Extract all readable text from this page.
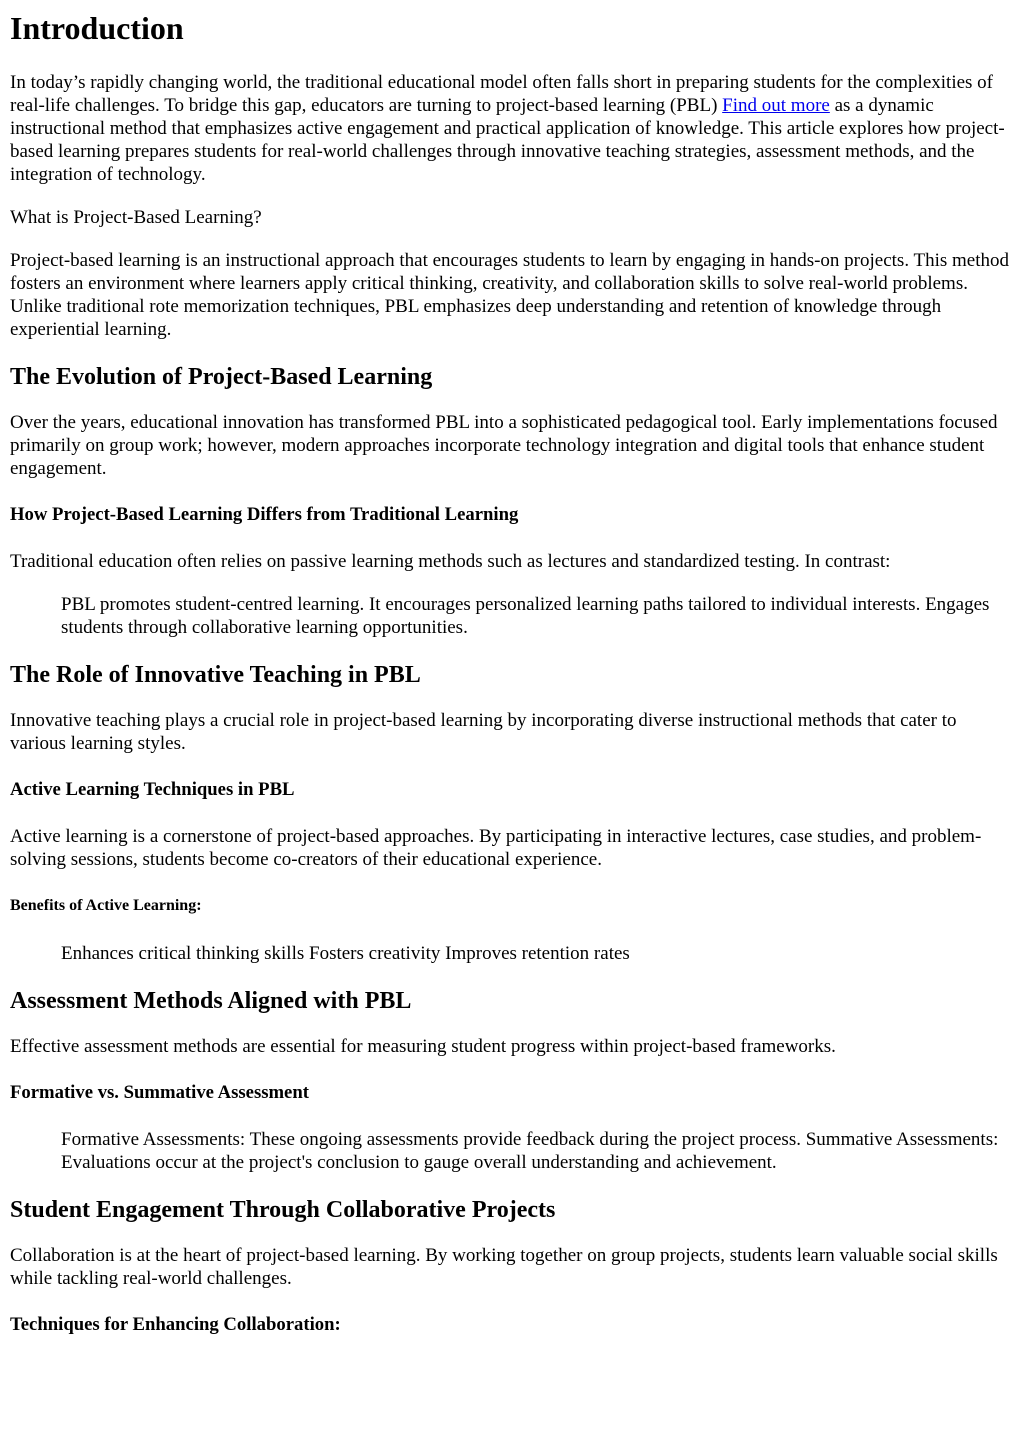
Introduction

In today’s rapidly changing world, the traditional educational model often falls short in preparing students for the complexities of real-life challenges. To bridge this gap, educators are turning to project-based learning (PBL) Find out more as a dynamic instructional method that emphasizes active engagement and practical application of knowledge. This article explores how project-based learning prepares students for real-world challenges through innovative teaching strategies, assessment methods, and the integration of technology.

What is Project-Based Learning?

Project-based learning is an instructional approach that encourages students to learn by engaging in hands-on projects. This method fosters an environment where learners apply critical thinking, creativity, and collaboration skills to solve real-world problems. Unlike traditional rote memorization techniques, PBL emphasizes deep understanding and retention of knowledge through experiential learning.

The Evolution of Project-Based Learning

Over the years, educational innovation has transformed PBL into a sophisticated pedagogical tool. Early implementations focused primarily on group work; however, modern approaches incorporate technology integration and digital tools that enhance student engagement.

How Project-Based Learning Differs from Traditional Learning

Traditional education often relies on passive learning methods such as lectures and standardized testing. In contrast:

PBL promotes student-centred learning. It encourages personalized learning paths tailored to individual interests. Engages students through collaborative learning opportunities.
The Role of Innovative Teaching in PBL

Innovative teaching plays a crucial role in project-based learning by incorporating diverse instructional methods that cater to various learning styles.

Active Learning Techniques in PBL

Active learning is a cornerstone of project-based approaches. By participating in interactive lectures, case studies, and problem-solving sessions, students become co-creators of their educational experience.

Benefits of Active Learning:
Enhances critical thinking skills Fosters creativity Improves retention rates
Assessment Methods Aligned with PBL

Effective assessment methods are essential for measuring student progress within project-based frameworks.

Formative vs. Summative Assessment
Formative Assessments: These ongoing assessments provide feedback during the project process. Summative Assessments: Evaluations occur at the project's conclusion to gauge overall understanding and achievement.
Student Engagement Through Collaborative Projects

Collaboration is at the heart of project-based learning. By working together on group projects, students learn valuable social skills while tackling real-world challenges.

Techniques for Enhancing Collaboration:
